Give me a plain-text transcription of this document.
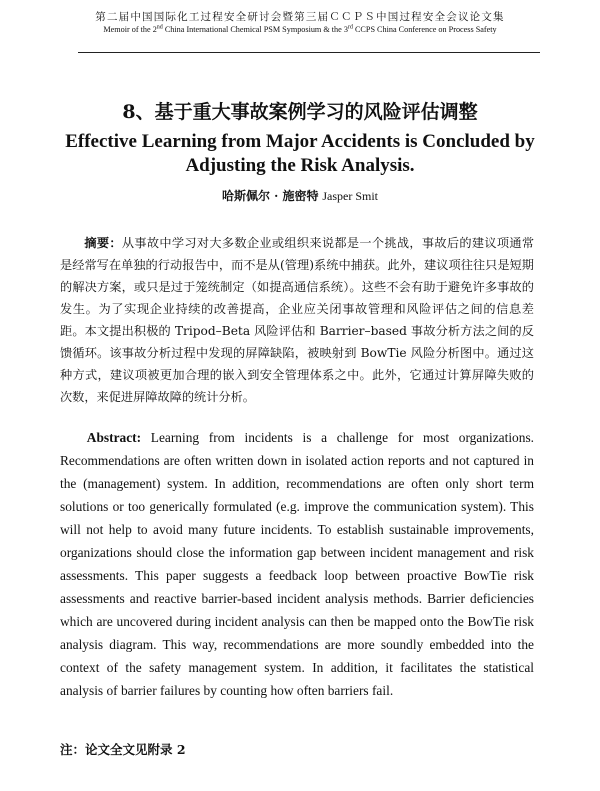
第二届中国国际化工过程安全研讨会暨第三届ＣＣＰＳ中国过程安全会议论文集
Memoir of the 2nd China International Chemical PSM Symposium & the 3rd CCPS China Conference on Process Safety
8、基于重大事故案例学习的风险评估调整
Effective Learning from Major Accidents is Concluded by Adjusting the Risk Analysis.
哈斯佩尔 · 施密特 Jasper Smit

摘要：从事故中学习对大多数企业或组织来说都是一个挑战，事故后的建议项通常是经常写在单独的行动报告中，而不是从(管理)系统中捕获。此外，建议项往往只是短期的解决方案，或只是过于笼统制定（如提高通信系统）。这些不会有助于避免许多事故的发生。为了实现企业持续的改善提高，企业应关闭事故管理和风险评估之间的信息差距。本文提出积极的 Tripod–Beta 风险评估和 Barrier–based 事故分析方法之间的反馈循环。该事故分析过程中发现的屏障缺陷，被映射到 BowTie 风险分析图中。通过这种方式，建议项被更加合理的嵌入到安全管理体系之中。此外，它通过计算屏障失败的次数，来促进屏障故障的统计分析。

Abstract: Learning from incidents is a challenge for most organizations. Recommendations are often written down in isolated action reports and not captured in the (management) system. In addition, recommendations are often only short term solutions or too generically formulated (e.g. improve the communication system). This will not help to avoid many future incidents. To establish sustainable improvements, organizations should close the information gap between incident management and risk assessments. This paper suggests a feedback loop between proactive BowTie risk assessments and reactive barrier-based incident analysis methods. Barrier deficiencies which are uncovered during incident analysis can then be mapped onto the BowTie risk analysis diagram. This way, recommendations are more soundly embedded into the context of the safety management system. In addition, it facilitates the statistical analysis of barrier failures by counting how often barriers fail.

注：论文全文见附录 2
